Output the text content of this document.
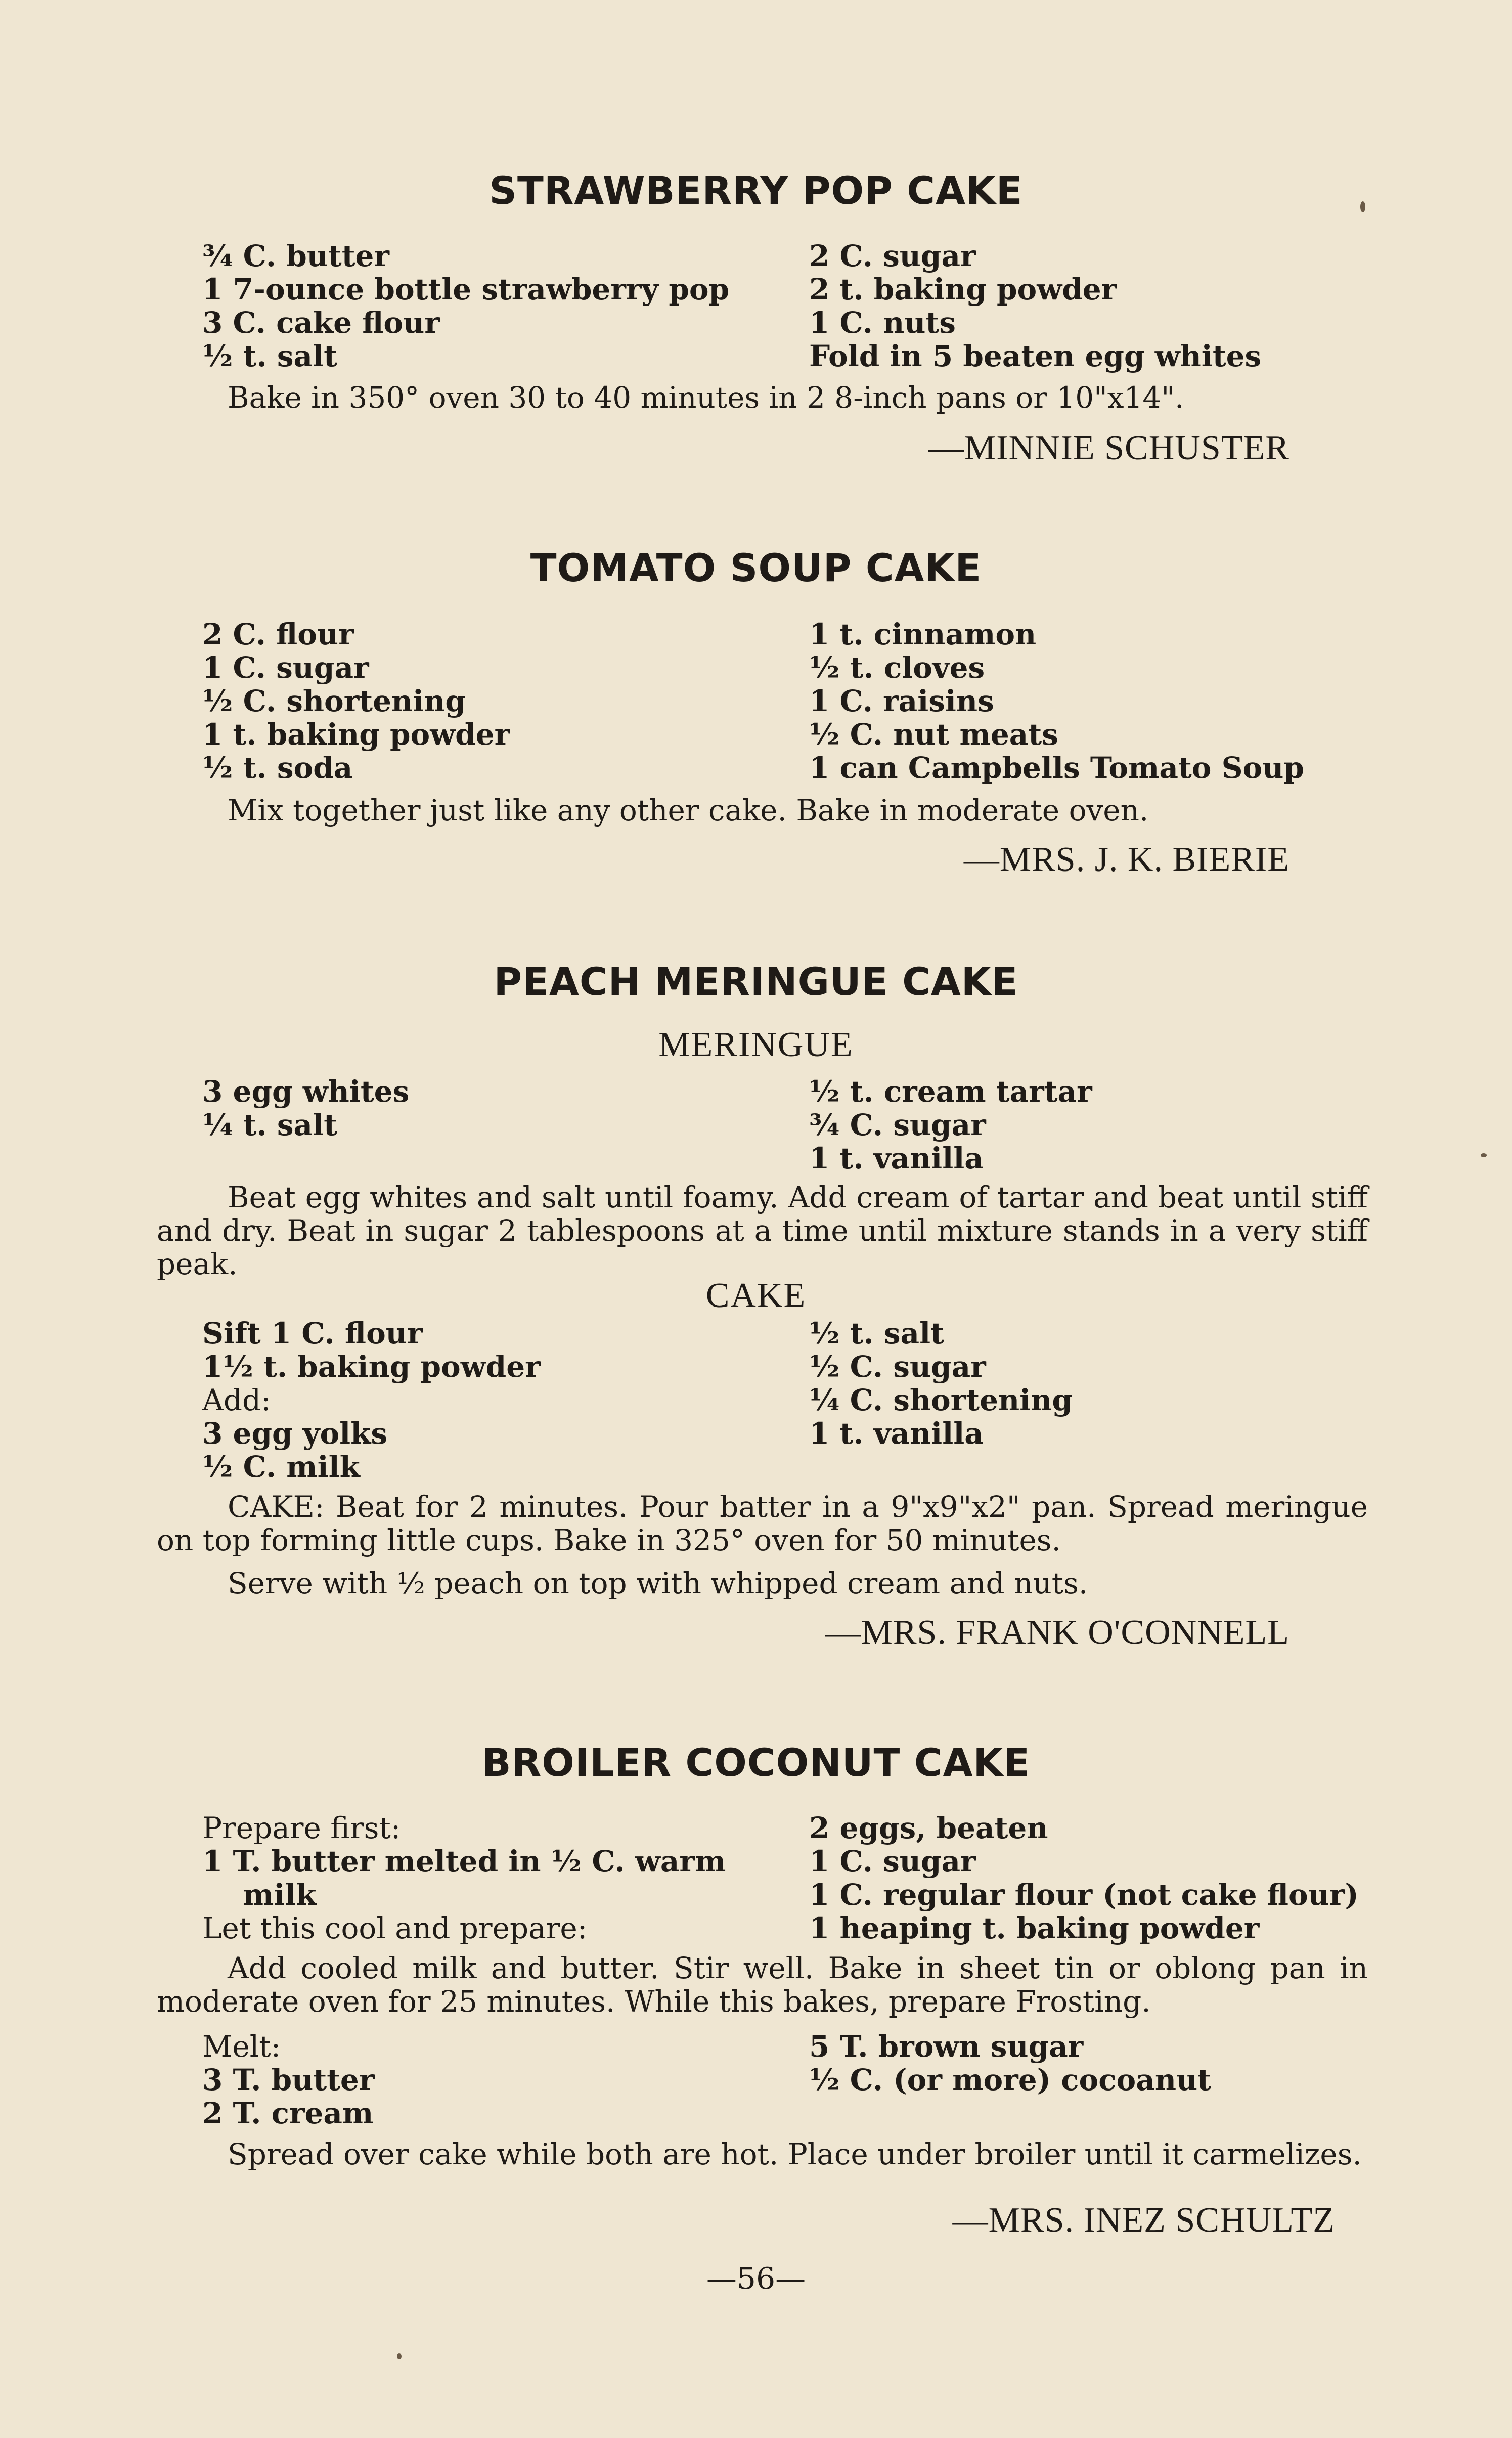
STRAWBERRY POP CAKE
¾ C. butter
1 7-ounce bottle strawberry pop
3 C. cake flour
½ t. salt
2 C. sugar
2 t. baking powder
1 C. nuts
Fold in 5 beaten egg whites
Bake in 350° oven 30 to 40 minutes in 2 8-inch pans or 10"x14".
—MINNIE SCHUSTER
TOMATO SOUP CAKE
2 C. flour
1 C. sugar
½ C. shortening
1 t. baking powder
½ t. soda
1 t. cinnamon
½ t. cloves
1 C. raisins
½ C. nut meats
1 can Campbells Tomato Soup
Mix together just like any other cake. Bake in moderate oven.
—MRS. J. K. BIERIE
PEACH MERINGUE CAKE
MERINGUE
3 egg whites
¼ t. salt
½ t. cream tartar
¾ C. sugar
1 t. vanilla
Beat egg whites and salt until foamy. Add cream of tartar and beat until stiff and dry. Beat in sugar 2 tablespoons at a time until mixture stands in a very stiff peak.
CAKE
Sift 1 C. flour
1½ t. baking powder
Add:
3 egg yolks
½ C. milk
½ t. salt
½ C. sugar
¼ C. shortening
1 t. vanilla
CAKE: Beat for 2 minutes. Pour batter in a 9"x9"x2" pan. Spread meringue on top forming little cups. Bake in 325° oven for 50 minutes.
Serve with ½ peach on top with whipped cream and nuts.
—MRS. FRANK O'CONNELL
BROILER COCONUT CAKE
Prepare first:
1 T. butter melted in ½ C. warm
milk
Let this cool and prepare:
2 eggs, beaten
1 C. sugar
1 C. regular flour (not cake flour)
1 heaping t. baking powder
Add cooled milk and butter. Stir well. Bake in sheet tin or oblong pan in moderate oven for 25 minutes. While this bakes, prepare Frosting.
Melt:
3 T. butter
2 T. cream
5 T. brown sugar
½ C. (or more) cocoanut
Spread over cake while both are hot. Place under broiler until it carmelizes.
—MRS. INEZ SCHULTZ
—56—
